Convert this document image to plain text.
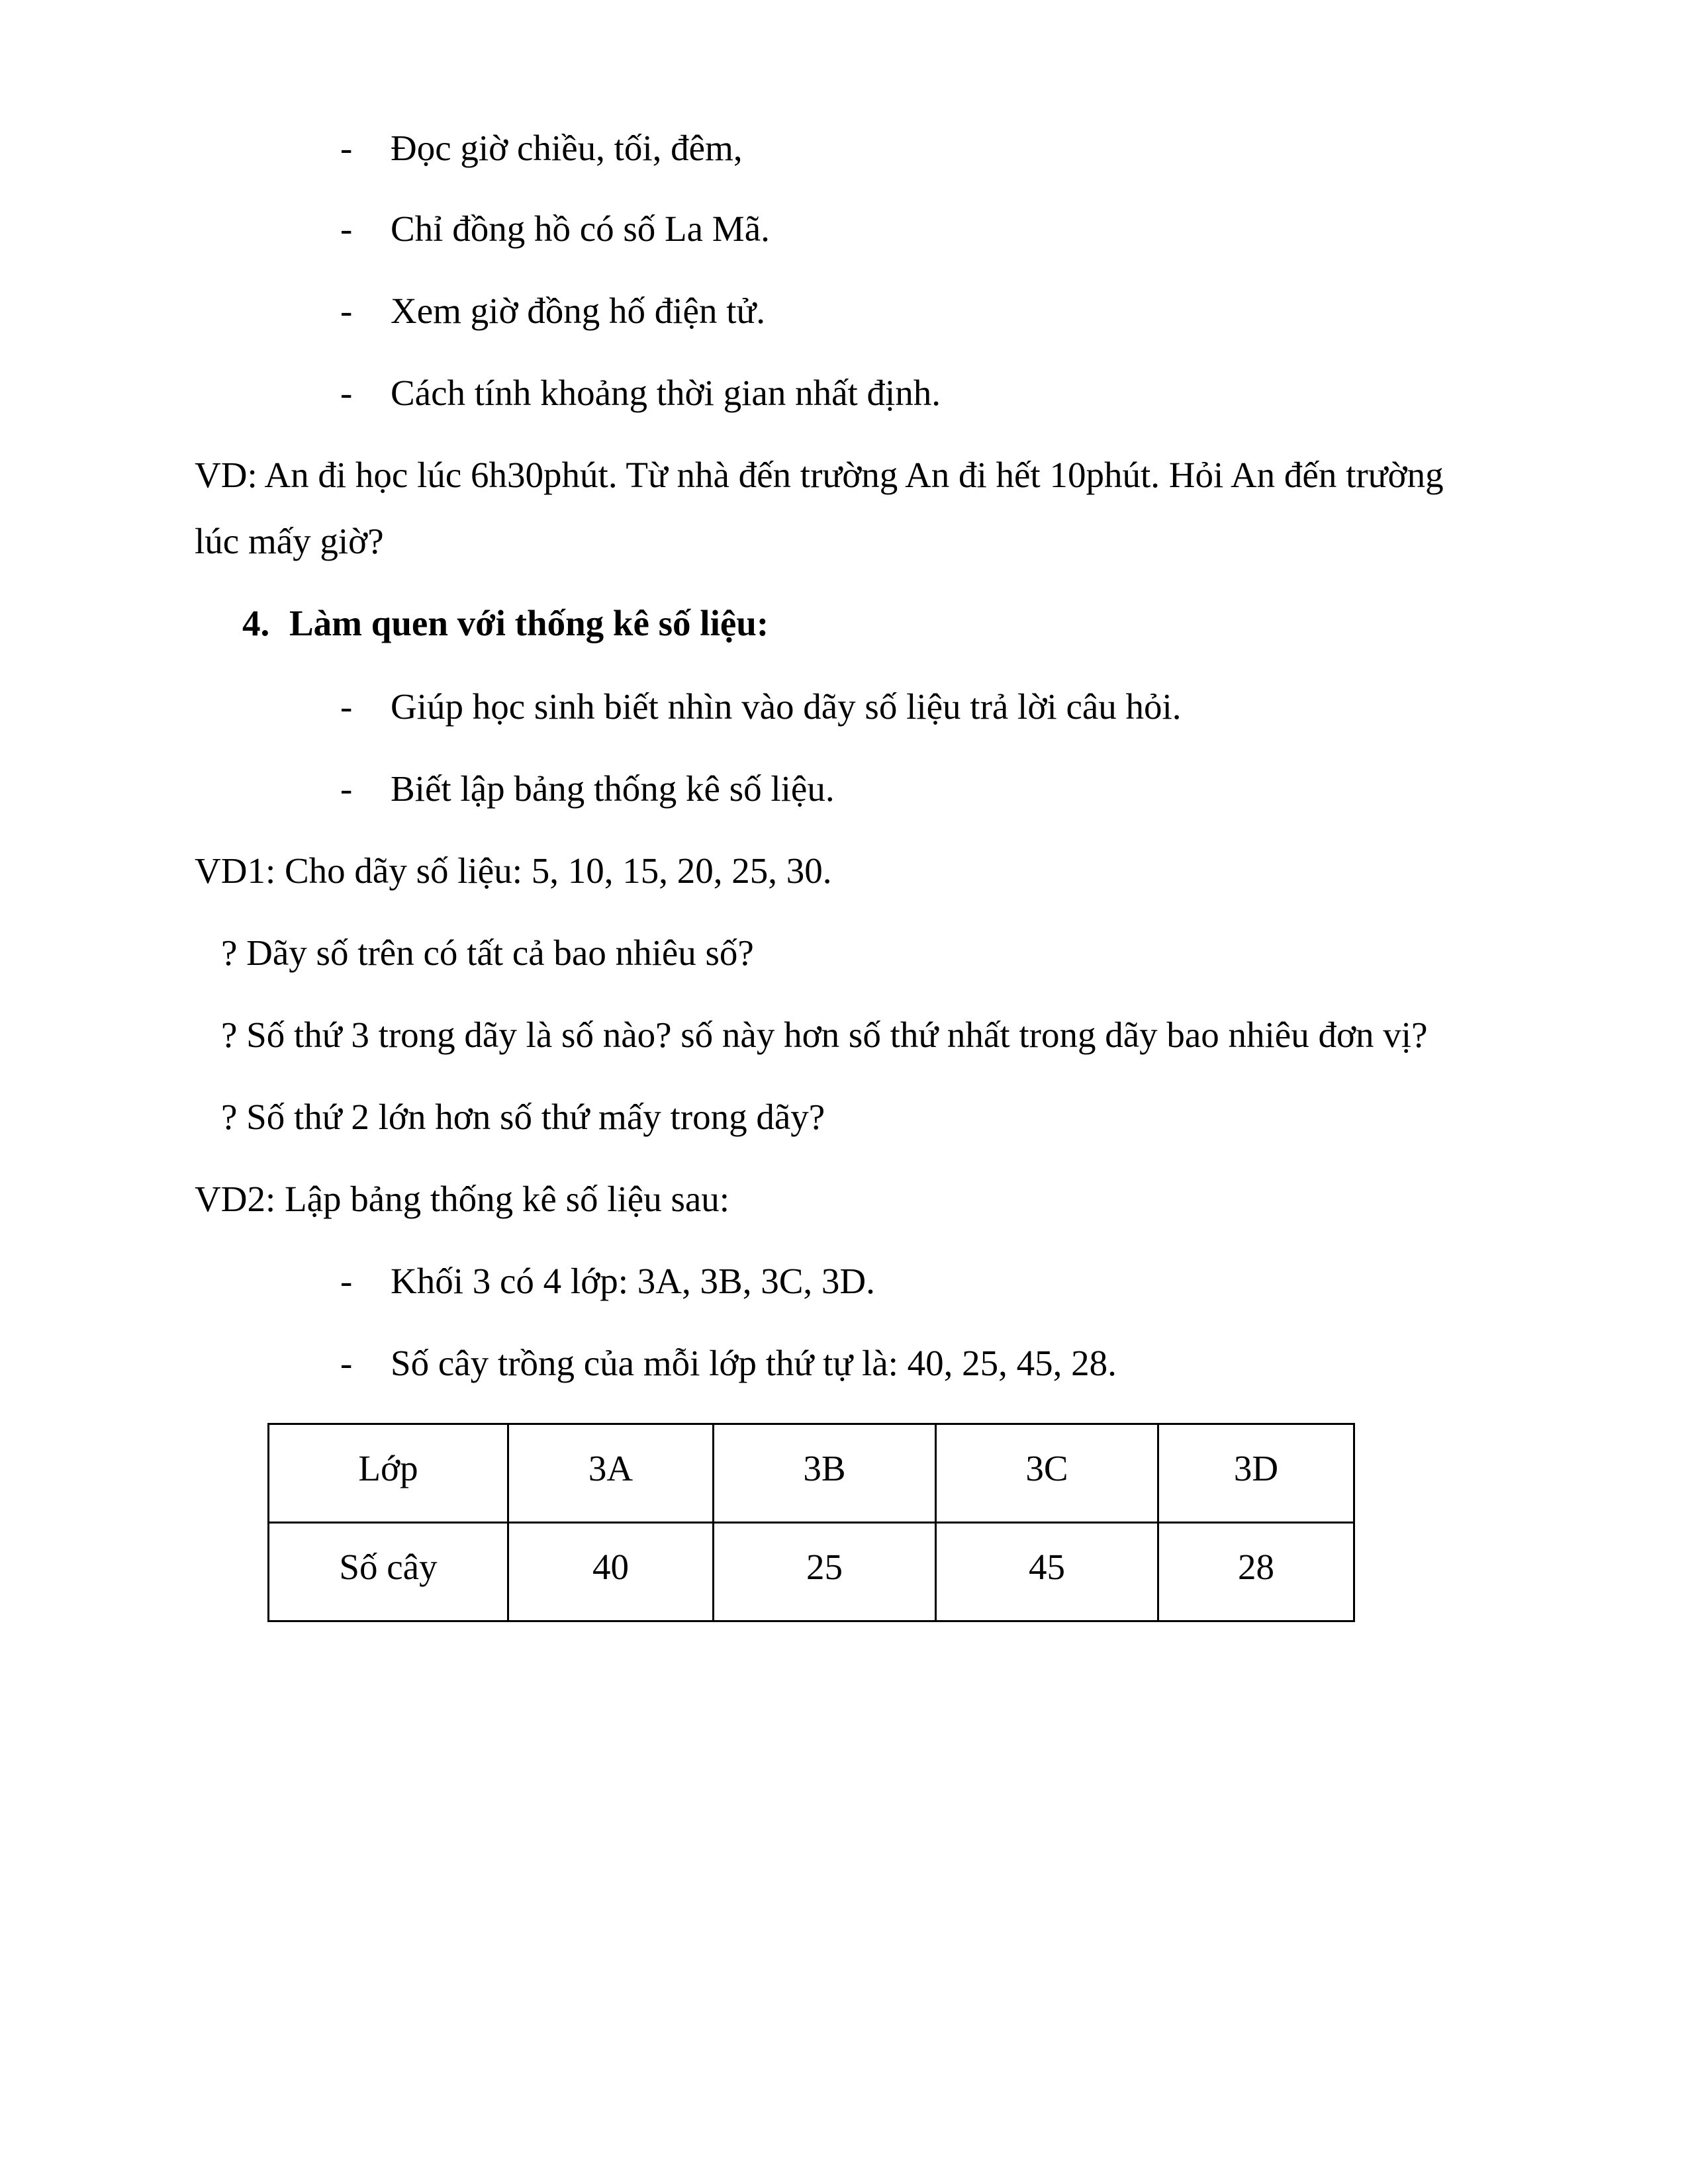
- Đọc giờ chiều, tối, đêm,
- Chỉ đồng hồ có số La Mã.
- Xem giờ đồng hố điện tử.
- Cách tính khoảng thời gian nhất định.
VD: An đi học lúc 6h30phút. Từ nhà đến trường An đi hết 10phút. Hỏi An đến trường
lúc mấy giờ?
4. Làm quen với thống kê số liệu:
- Giúp học sinh biết nhìn vào dãy số liệu trả lời câu hỏi.
- Biết lập bảng thống kê số liệu.
VD1: Cho dãy số liệu: 5, 10, 15, 20, 25, 30.
? Dãy số trên có tất cả bao nhiêu số?
? Số thứ 3 trong dãy là số nào? số này hơn số thứ nhất trong dãy bao nhiêu đơn vị?
? Số thứ 2 lớn hơn số thứ mấy trong dãy?
VD2: Lập bảng thống kê số liệu sau:
- Khối 3 có 4 lớp: 3A, 3B, 3C, 3D.
- Số cây trồng của mỗi lớp thứ tự là: 40, 25, 45, 28.
Lớp	3A	3B	3C	3D
Số cây	40	25	45	28
